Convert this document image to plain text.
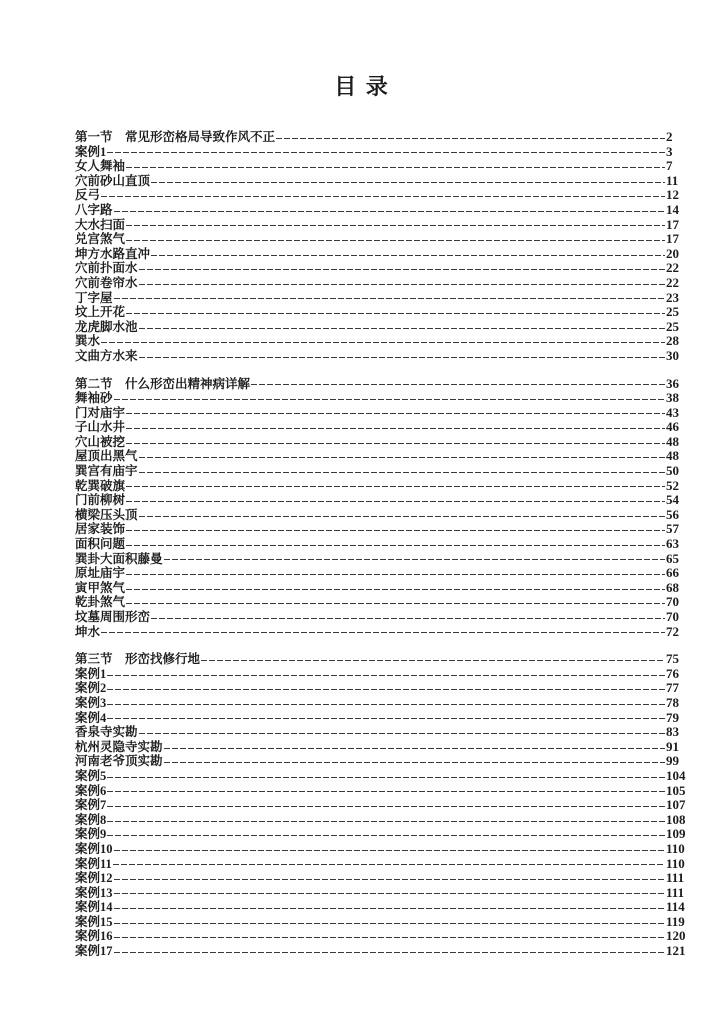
目 录
第一节　常见形峦格局导致作风不正	2
案例1	3
女人舞袖	7
穴前砂山直顶	11
反弓	12
八字路	14
大水扫面	17
兑宫煞气	17
坤方水路直冲	20
穴前扑面水	22
穴前卷帘水	22
丁字屋	23
坟上开花	25
龙虎脚水池	25
巽水	28
文曲方水来	30
第二节　什么形峦出精神病详解	36
舞袖砂	38
门对庙宇	43
子山水井	46
穴山被挖	48
屋顶出黑气	48
巽宫有庙宇	50
乾巽破旗	52
门前柳树	54
横梁压头顶	56
居家装饰	57
面积问题	63
巽卦大面积藤曼	65
原址庙宇	66
寅甲煞气	68
乾卦煞气	70
坟墓周围形峦	70
坤水	72
第三节　形峦找修行地	75
案例1	76
案例2	77
案例3	78
案例4	79
香泉寺实勘	83
杭州灵隐寺实勘	91
河南老爷顶实勘	99
案例5	104
案例6	105
案例7	107
案例8	108
案例9	109
案例10	110
案例11	110
案例12	111
案例13	111
案例14	114
案例15	119
案例16	120
案例17	121
